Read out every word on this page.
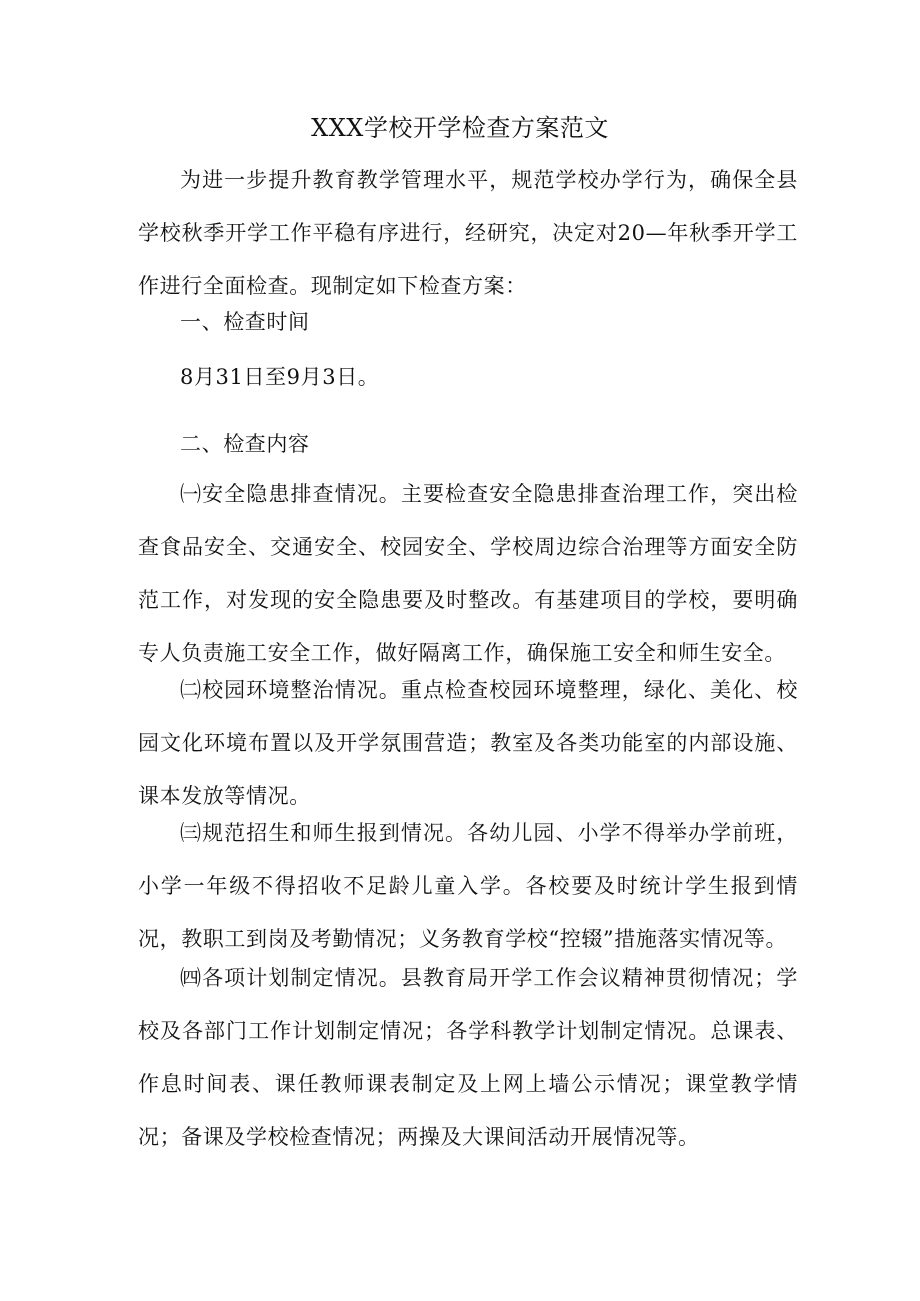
XXX学校开学检查方案范文

为进一步提升教育教学管理水平，规范学校办学行为，确保全县学校秋季开学工作平稳有序进行，经研究，决定对20—年秋季开学工作进行全面检查。现制定如下检查方案：

一、检查时间

8月31日至9月3日。

二、检查内容

㈠安全隐患排查情况。主要检查安全隐患排查治理工作，突出检查食品安全、交通安全、校园安全、学校周边综合治理等方面安全防范工作，对发现的安全隐患要及时整改。有基建项目的学校，要明确专人负责施工安全工作，做好隔离工作，确保施工安全和师生安全。

㈡校园环境整治情况。重点检查校园环境整理，绿化、美化、校园文化环境布置以及开学氛围营造；教室及各类功能室的内部设施、课本发放等情况。

㈢规范招生和师生报到情况。各幼儿园、小学不得举办学前班，小学一年级不得招收不足龄儿童入学。各校要及时统计学生报到情况，教职工到岗及考勤情况；义务教育学校“控辍”措施落实情况等。

㈣各项计划制定情况。县教育局开学工作会议精神贯彻情况；学校及各部门工作计划制定情况；各学科教学计划制定情况。总课表、作息时间表、课任教师课表制定及上网上墙公示情况；课堂教学情况；备课及学校检查情况；两操及大课间活动开展情况等。
